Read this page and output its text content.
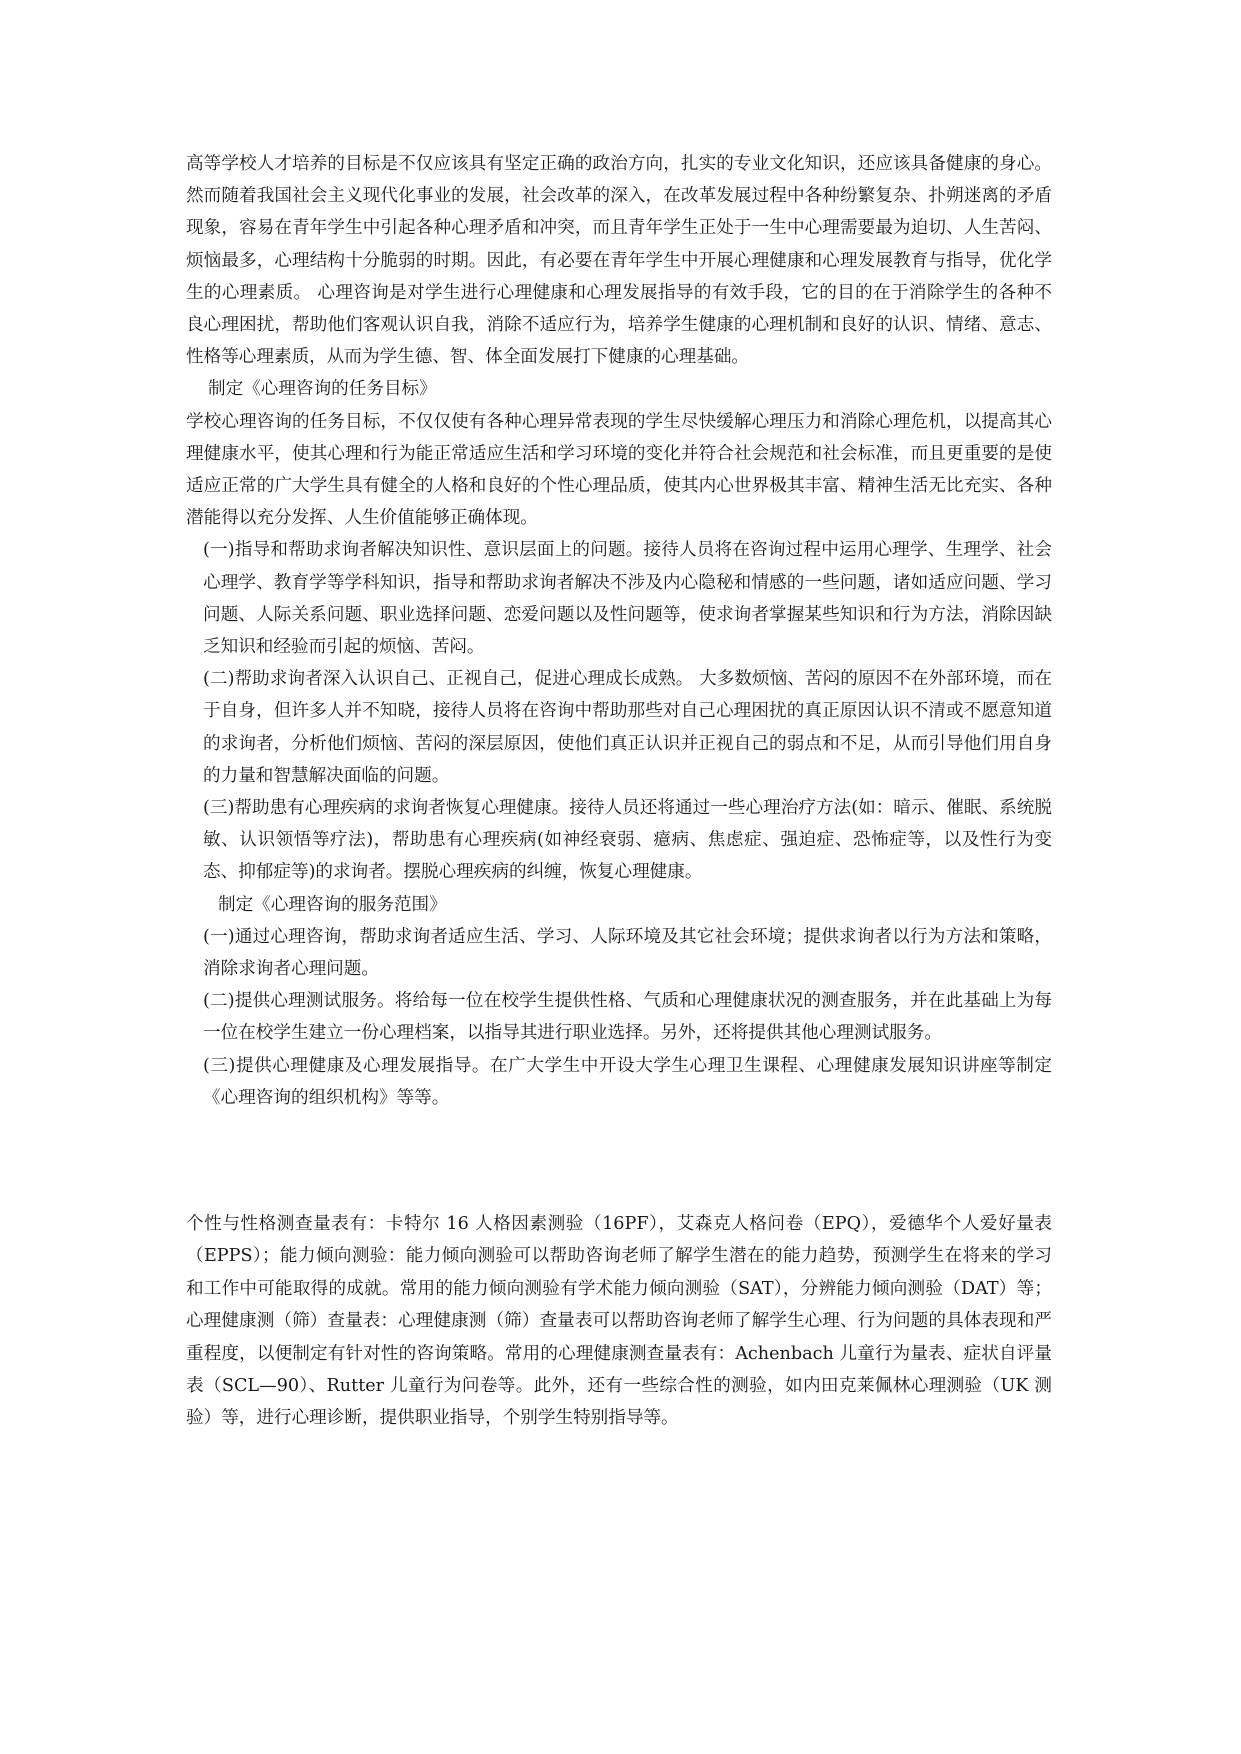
高等学校人才培养的目标是不仅应该具有坚定正确的政治方向，扎实的专业文化知识，还应该具备健康的身心。然而随着我国社会主义现代化事业的发展，社会改革的深入，在改革发展过程中各种纷繁复杂、扑朔迷离的矛盾现象，容易在青年学生中引起各种心理矛盾和冲突，而且青年学生正处于一生中心理需要最为迫切、人生苦闷、烦恼最多，心理结构十分脆弱的时期。因此，有必要在青年学生中开展心理健康和心理发展教育与指导，优化学生的心理素质。 心理咨询是对学生进行心理健康和心理发展指导的有效手段，它的目的在于消除学生的各种不良心理困扰，帮助他们客观认识自我，消除不适应行为，培养学生健康的心理机制和良好的认识、情绪、意志、性格等心理素质，从而为学生德、智、体全面发展打下健康的心理基础。

制定《心理咨询的任务目标》

学校心理咨询的任务目标，不仅仅使有各种心理异常表现的学生尽快缓解心理压力和消除心理危机，以提高其心理健康水平，使其心理和行为能正常适应生活和学习环境的变化并符合社会规范和社会标准，而且更重要的是使适应正常的广大学生具有健全的人格和良好的个性心理品质，使其内心世界极其丰富、精神生活无比充实、各种潜能得以充分发挥、人生价值能够正确体现。

(一)指导和帮助求询者解决知识性、意识层面上的问题。接待人员将在咨询过程中运用心理学、生理学、社会心理学、教育学等学科知识，指导和帮助求询者解决不涉及内心隐秘和情感的一些问题，诸如适应问题、学习问题、人际关系问题、职业选择问题、恋爱问题以及性问题等，使求询者掌握某些知识和行为方法，消除因缺乏知识和经验而引起的烦恼、苦闷。

(二)帮助求询者深入认识自己、正视自己，促进心理成长成熟。 大多数烦恼、苦闷的原因不在外部环境，而在于自身，但许多人并不知晓，接待人员将在咨询中帮助那些对自己心理困扰的真正原因认识不清或不愿意知道的求询者，分析他们烦恼、苦闷的深层原因，使他们真正认识并正视自己的弱点和不足，从而引导他们用自身的力量和智慧解决面临的问题。

(三)帮助患有心理疾病的求询者恢复心理健康。接待人员还将通过一些心理治疗方法(如：暗示、催眠、系统脱敏、认识领悟等疗法)，帮助患有心理疾病(如神经衰弱、癔病、焦虑症、强迫症、恐怖症等，以及性行为变态、抑郁症等)的求询者。摆脱心理疾病的纠缠，恢复心理健康。

制定《心理咨询的服务范围》

(一)通过心理咨询，帮助求询者适应生活、学习、人际环境及其它社会环境；提供求询者以行为方法和策略，消除求询者心理问题。

(二)提供心理测试服务。将给每一位在校学生提供性格、气质和心理健康状况的测查服务，并在此基础上为每一位在校学生建立一份心理档案，以指导其进行职业选择。另外，还将提供其他心理测试服务。

(三)提供心理健康及心理发展指导。在广大学生中开设大学生心理卫生课程、心理健康发展知识讲座等制定《心理咨询的组织机构》等等。

个性与性格测查量表有：卡特尔 16 人格因素测验（16PF），艾森克人格问卷（EPQ），爱德华个人爱好量表（EPPS）；能力倾向测验：能力倾向测验可以帮助咨询老师了解学生潜在的能力趋势，预测学生在将来的学习和工作中可能取得的成就。常用的能力倾向测验有学术能力倾向测验（SAT），分辨能力倾向测验（DAT）等；心理健康测（筛）查量表：心理健康测（筛）查量表可以帮助咨询老师了解学生心理、行为问题的具体表现和严重程度，以便制定有针对性的咨询策略。常用的心理健康测查量表有：Achenbach 儿童行为量表、症状自评量表（SCL—90）、Rutter 儿童行为问卷等。此外，还有一些综合性的测验，如内田克莱佩林心理测验（UK 测验）等，进行心理诊断，提供职业指导，个别学生特别指导等。
